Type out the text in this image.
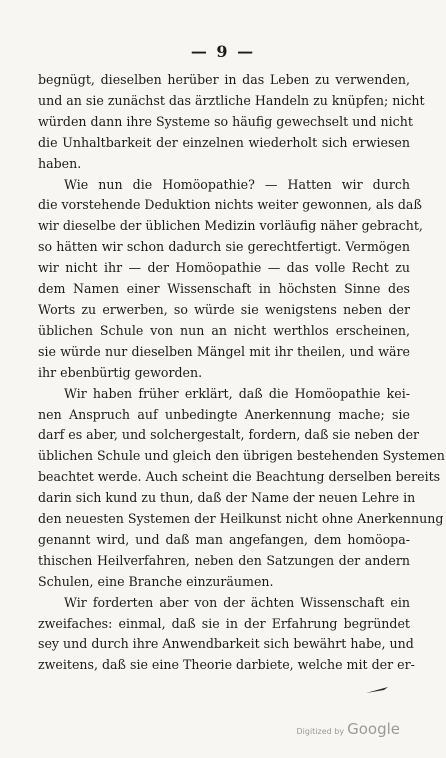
— 9 —
begnügt, dieselben herüber in das Leben zu verwenden,
und an sie zunächst das ärztliche Handeln zu knüpfen; nicht
würden dann ihre Systeme so häufig gewechselt und nicht
die Unhaltbarkeit der einzelnen wiederholt sich erwiesen
haben.
Wie nun die Homöopathie? — Hatten wir durch
die vorstehende Deduktion nichts weiter gewonnen, als daß
wir dieselbe der üblichen Medizin vorläufig näher gebracht,
so hätten wir schon dadurch sie gerechtfertigt. Vermögen
wir nicht ihr — der Homöopathie — das volle Recht zu
dem Namen einer Wissenschaft in höchsten Sinne des
Worts zu erwerben, so würde sie wenigstens neben der
üblichen Schule von nun an nicht werthlos erscheinen,
sie würde nur dieselben Mängel mit ihr theilen, und wäre
ihr ebenbürtig geworden.
Wir haben früher erklärt, daß die Homöopathie kei-
nen Anspruch auf unbedingte Anerkennung mache; sie
darf es aber, und solchergestalt, fordern, daß sie neben der
üblichen Schule und gleich den übrigen bestehenden Systemen
beachtet werde. Auch scheint die Beachtung derselben bereits
darin sich kund zu thun, daß der Name der neuen Lehre in
den neuesten Systemen der Heilkunst nicht ohne Anerkennung
genannt wird, und daß man angefangen, dem homöopa-
thischen Heilverfahren, neben den Satzungen der andern
Schulen, eine Branche einzuräumen.
Wir forderten aber von der ächten Wissenschaft ein
zweifaches: einmal, daß sie in der Erfahrung begründet
sey und durch ihre Anwendbarkeit sich bewährt habe, und
zweitens, daß sie eine Theorie darbiete, welche mit der er-
Digitized by Google
